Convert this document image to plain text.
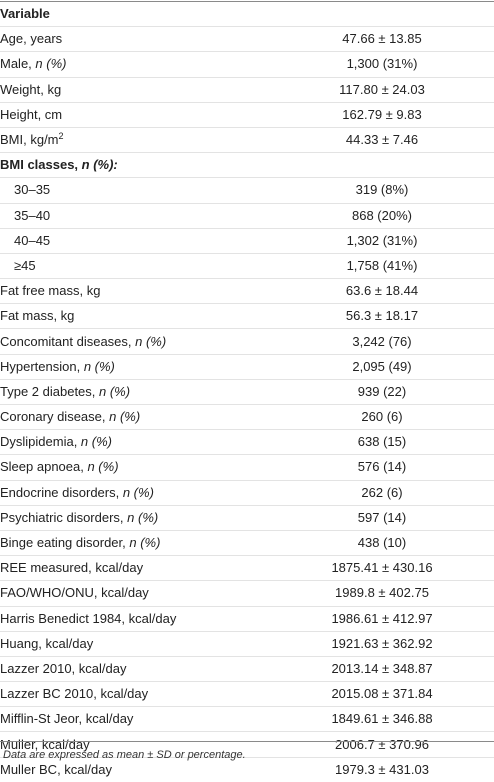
Variable	
Age, years	47.66 ± 13.85
Male, n (%)	1,300 (31%)
Weight, kg	117.80 ± 24.03
Height, cm	162.79 ± 9.83
BMI, $kg/m^2$	44.33 ± 7.46
BMI classes, n (%):	
30–35	319 (8%)
35–40	868 (20%)
40–45	1,302 (31%)
≥45	1,758 (41%)
Fat free mass, kg	63.6 ± 18.44
Fat mass, kg	56.3 ± 18.17
Concomitant diseases, n (%)	3,242 (76)
Hypertension, n (%)	2,095 (49)
Type 2 diabetes, n (%)	939 (22)
Coronary disease, n (%)	260 (6)
Dyslipidemia, n (%)	638 (15)
Sleep apnoea, n (%)	576 (14)
Endocrine disorders, n (%)	262 (6)
Psychiatric disorders, n (%)	597 (14)
Binge eating disorder, n (%)	438 (10)
REE measured, kcal/day	1875.41 ± 430.16
FAO/WHO/ONU, kcal/day	1989.8 ± 402.75
Harris Benedict 1984, kcal/day	1986.61 ± 412.97
Huang, kcal/day	1921.63 ± 362.92
Lazzer 2010, kcal/day	2013.14 ± 348.87
Lazzer BC 2010, kcal/day	2015.08 ± 371.84
Mifflin-St Jeor, kcal/day	1849.61 ± 346.88
Muller, kcal/day	2006.7 ± 370.96
Muller BC, kcal/day	1979.3 ± 431.03
Data are expressed as mean ± SD or percentage.
